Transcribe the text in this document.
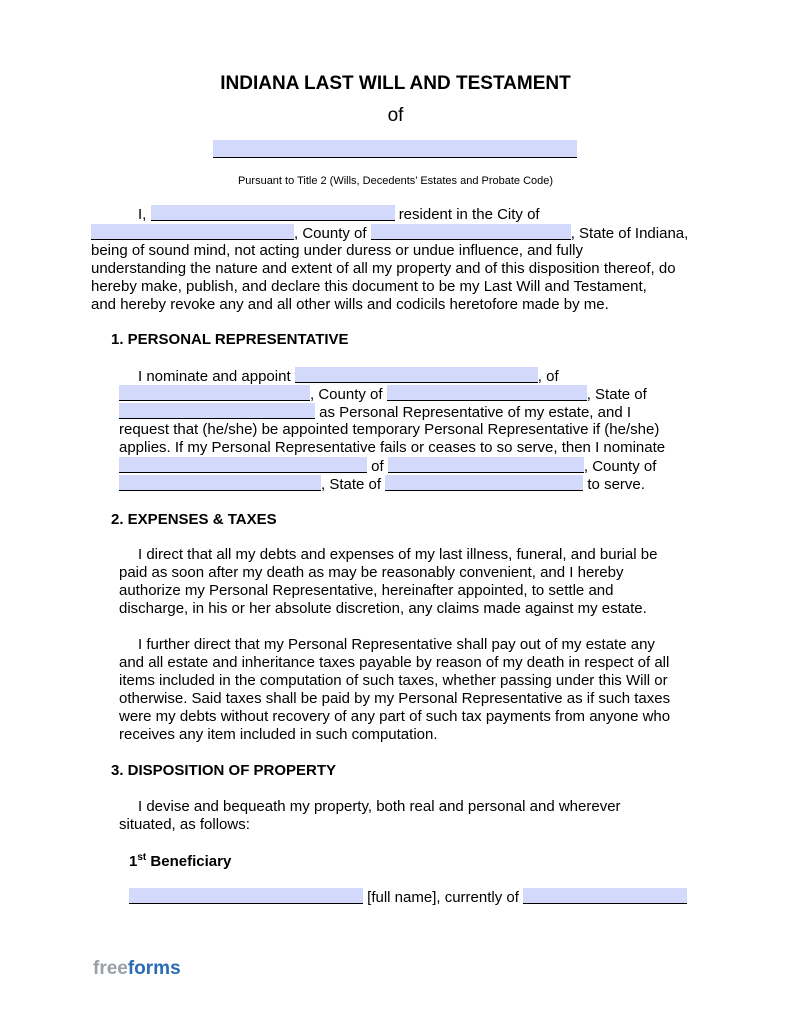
INDIANA LAST WILL AND TESTAMENT
of
Pursuant to Title 2 (Wills, Decedents’ Estates and Probate Code)
I,	resident in the City of
, County of	, State of Indiana,
being of sound mind, not acting under duress or undue influence, and fully
understanding the nature and extent of all my property and of this disposition thereof, do
hereby make, publish, and declare this document to be my Last Will and Testament,
and hereby revoke any and all other wills and codicils heretofore made by me.
1. PERSONAL REPRESENTATIVE
I nominate and appoint	, of
, County of	, State of
as Personal Representative of my estate, and I
request that (he/she) be appointed temporary Personal Representative if (he/she)
applies. If my Personal Representative fails or ceases to so serve, then I nominate
of	, County of
, State of	to serve.
2. EXPENSES & TAXES
I direct that all my debts and expenses of my last illness, funeral, and burial be
paid as soon after my death as may be reasonably convenient, and I hereby
authorize my Personal Representative, hereinafter appointed, to settle and
discharge, in his or her absolute discretion, any claims made against my estate.
I further direct that my Personal Representative shall pay out of my estate any
and all estate and inheritance taxes payable by reason of my death in respect of all
items included in the computation of such taxes, whether passing under this Will or
otherwise. Said taxes shall be paid by my Personal Representative as if such taxes
were my debts without recovery of any part of such tax payments from anyone who
receives any item included in such computation.
3. DISPOSITION OF PROPERTY
I devise and bequeath my property, both real and personal and wherever
situated, as follows:
1st Beneficiary
[full name], currently of
freeforms
